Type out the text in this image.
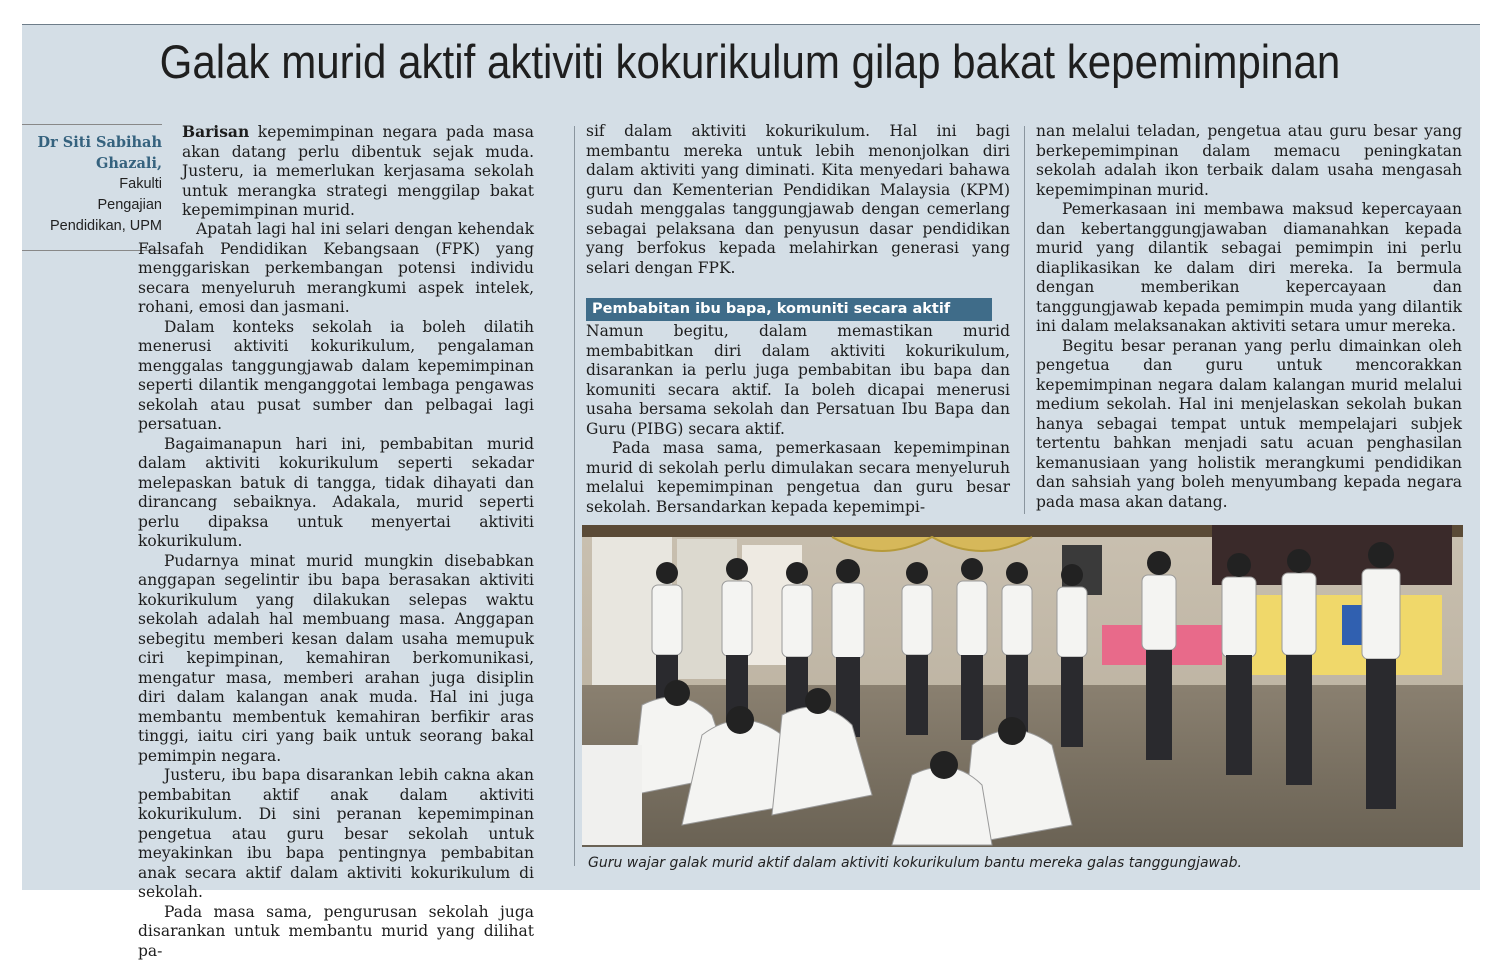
Galak murid aktif aktiviti kokurikulum gilap bakat kepemimpinan
Dr Siti Sabihah
Ghazali,
Fakulti
Pengajian
Pendidikan, UPM

Barisan kepemimpinan negara pada masa akan datang perlu dibentuk sejak muda. Justeru, ia memerlukan kerjasama sekolah untuk merangka strategi menggilap bakat kepemimpinan murid.

Apatah lagi hal ini selari dengan kehendak Falsafah Pendidikan Kebangsaan (FPK) yang menggariskan perkembangan potensi individu secara menyeluruh merangkumi aspek intelek, rohani, emosi dan jasmani.

Dalam konteks sekolah ia boleh dilatih menerusi aktiviti kokurikulum, pengalaman menggalas tanggungjawab dalam kepemimpinan seperti dilantik menganggotai lembaga pengawas sekolah atau pusat sumber dan pelbagai lagi persatuan.

Bagaimanapun hari ini, pembabitan murid dalam aktiviti kokurikulum seperti sekadar melepaskan batuk di tangga, tidak dihayati dan dirancang sebaiknya. Adakala, murid seperti perlu dipaksa untuk menyertai aktiviti kokurikulum.

Pudarnya minat murid mungkin disebabkan anggapan segelintir ibu bapa berasakan aktiviti kokurikulum yang dilakukan selepas waktu sekolah adalah hal membuang masa. Anggapan sebegitu memberi kesan dalam usaha memupuk ciri kepimpinan, kemahiran berkomunikasi, mengatur masa, memberi arahan juga disiplin diri dalam kalangan anak muda. Hal ini juga membantu membentuk kemahiran berfikir aras tinggi, iaitu ciri yang baik untuk seorang bakal pemimpin negara.

Justeru, ibu bapa disarankan lebih cakna akan pembabitan aktif anak dalam aktiviti kokurikulum. Di sini peranan kepemimpinan pengetua atau guru besar sekolah untuk meyakinkan ibu bapa pentingnya pembabitan anak secara aktif dalam aktiviti kokurikulum di sekolah.

Pada masa sama, pengurusan sekolah juga disarankan untuk membantu murid yang dilihat pa-

sif dalam aktiviti kokurikulum. Hal ini bagi membantu mereka untuk lebih menonjolkan diri dalam aktiviti yang diminati. Kita menyedari bahawa guru dan Kementerian Pendidikan Malaysia (KPM) sudah menggalas tanggungjawab dengan cemerlang sebagai pelaksana dan penyusun dasar pendidikan yang berfokus kepada melahirkan generasi yang selari dengan FPK.

Pembabitan ibu bapa, komuniti secara aktif

Namun begitu, dalam memastikan murid membabitkan diri dalam aktiviti kokurikulum, disarankan ia perlu juga pembabitan ibu bapa dan komuniti secara aktif. Ia boleh dicapai menerusi usaha bersama sekolah dan Persatuan Ibu Bapa dan Guru (PIBG) secara aktif.

Pada masa sama, pemerkasaan kepemimpinan murid di sekolah perlu dimulakan secara menyeluruh melalui kepemimpinan pengetua dan guru besar sekolah. Bersandarkan kepada kepemimpi-

nan melalui teladan, pengetua atau guru besar yang berkepemimpinan dalam memacu peningkatan sekolah adalah ikon terbaik dalam usaha mengasah kepemimpinan murid.

Pemerkasaan ini membawa maksud kepercayaan dan kebertanggungjawaban diamanahkan kepada murid yang dilantik sebagai pemimpin ini perlu diaplikasikan ke dalam diri mereka. Ia bermula dengan memberikan kepercayaan dan tanggungjawab kepada pemimpin muda yang dilantik ini dalam melaksanakan aktiviti setara umur mereka.

Begitu besar peranan yang perlu dimainkan oleh pengetua dan guru untuk mencorakkan kepemimpinan negara dalam kalangan murid melalui medium sekolah. Hal ini menjelaskan sekolah bukan hanya sebagai tempat untuk mempelajari subjek tertentu bahkan menjadi satu acuan penghasilan kemanusiaan yang holistik merangkumi pendidikan dan sahsiah yang boleh menyumbang kepada negara pada masa akan datang.

Guru wajar galak murid aktif dalam aktiviti kokurikulum bantu mereka galas tanggungjawab.
